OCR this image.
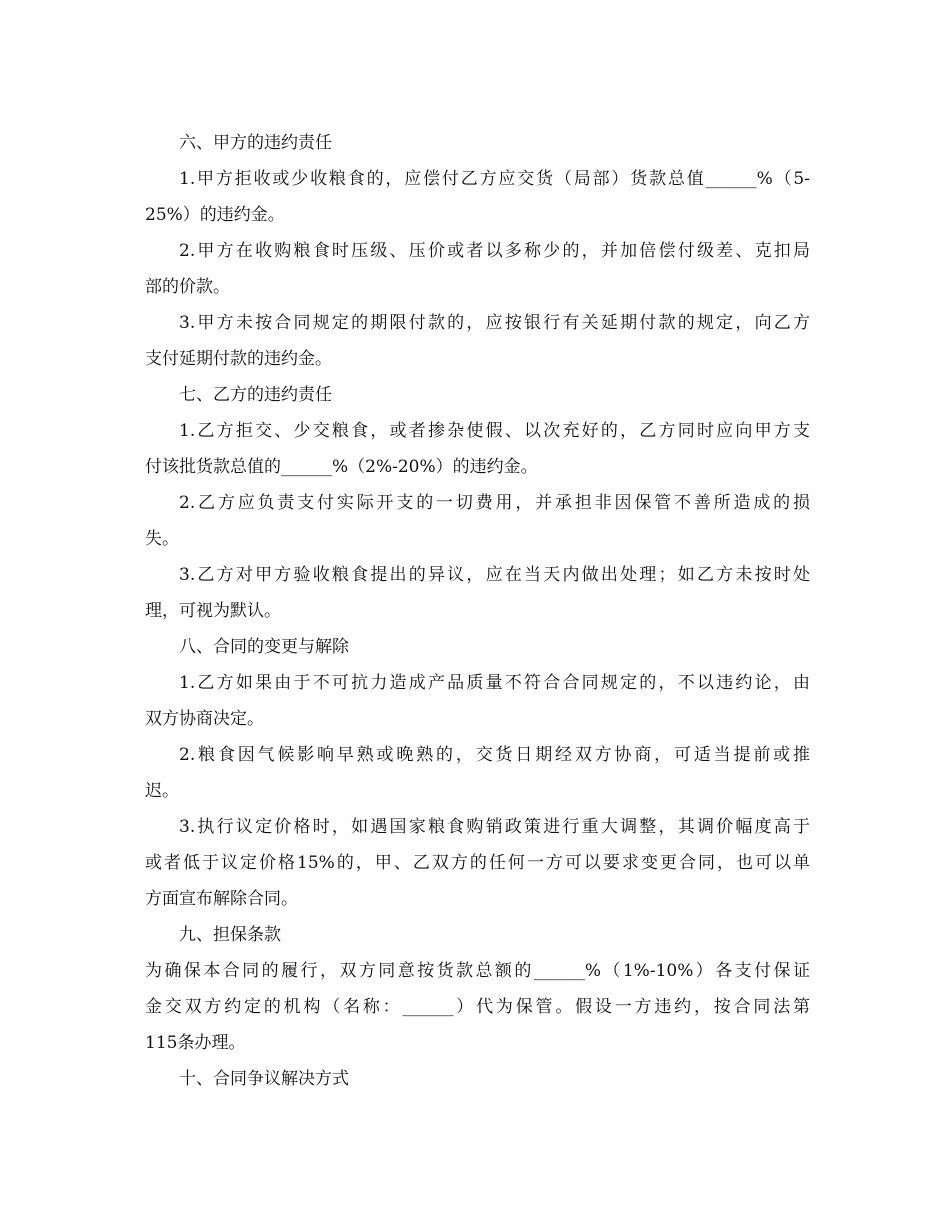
六、甲方的违约责任
1.甲方拒收或少收粮食的，应偿付乙方应交货（局部）货款总值______%（5-
25%）的违约金。
2.甲方在收购粮食时压级、压价或者以多称少的，并加倍偿付级差、克扣局
部的价款。
3.甲方未按合同规定的期限付款的，应按银行有关延期付款的规定，向乙方
支付延期付款的违约金。
七、乙方的违约责任
1.乙方拒交、少交粮食，或者掺杂使假、以次充好的，乙方同时应向甲方支
付该批货款总值的______%（2%-20%）的违约金。
2.乙方应负责支付实际开支的一切费用，并承担非因保管不善所造成的损
失。
3.乙方对甲方验收粮食提出的异议，应在当天内做出处理；如乙方未按时处
理，可视为默认。
八、合同的变更与解除
1.乙方如果由于不可抗力造成产品质量不符合合同规定的，不以违约论，由
双方协商决定。
2.粮食因气候影响早熟或晚熟的，交货日期经双方协商，可适当提前或推
迟。
3.执行议定价格时，如遇国家粮食购销政策进行重大调整，其调价幅度高于
或者低于议定价格15%的，甲、乙双方的任何一方可以要求变更合同，也可以单
方面宣布解除合同。
九、担保条款
为确保本合同的履行，双方同意按货款总额的______%（1%-10%）各支付保证
金交双方约定的机构（名称：______）代为保管。假设一方违约，按合同法第
115条办理。
十、合同争议解决方式
